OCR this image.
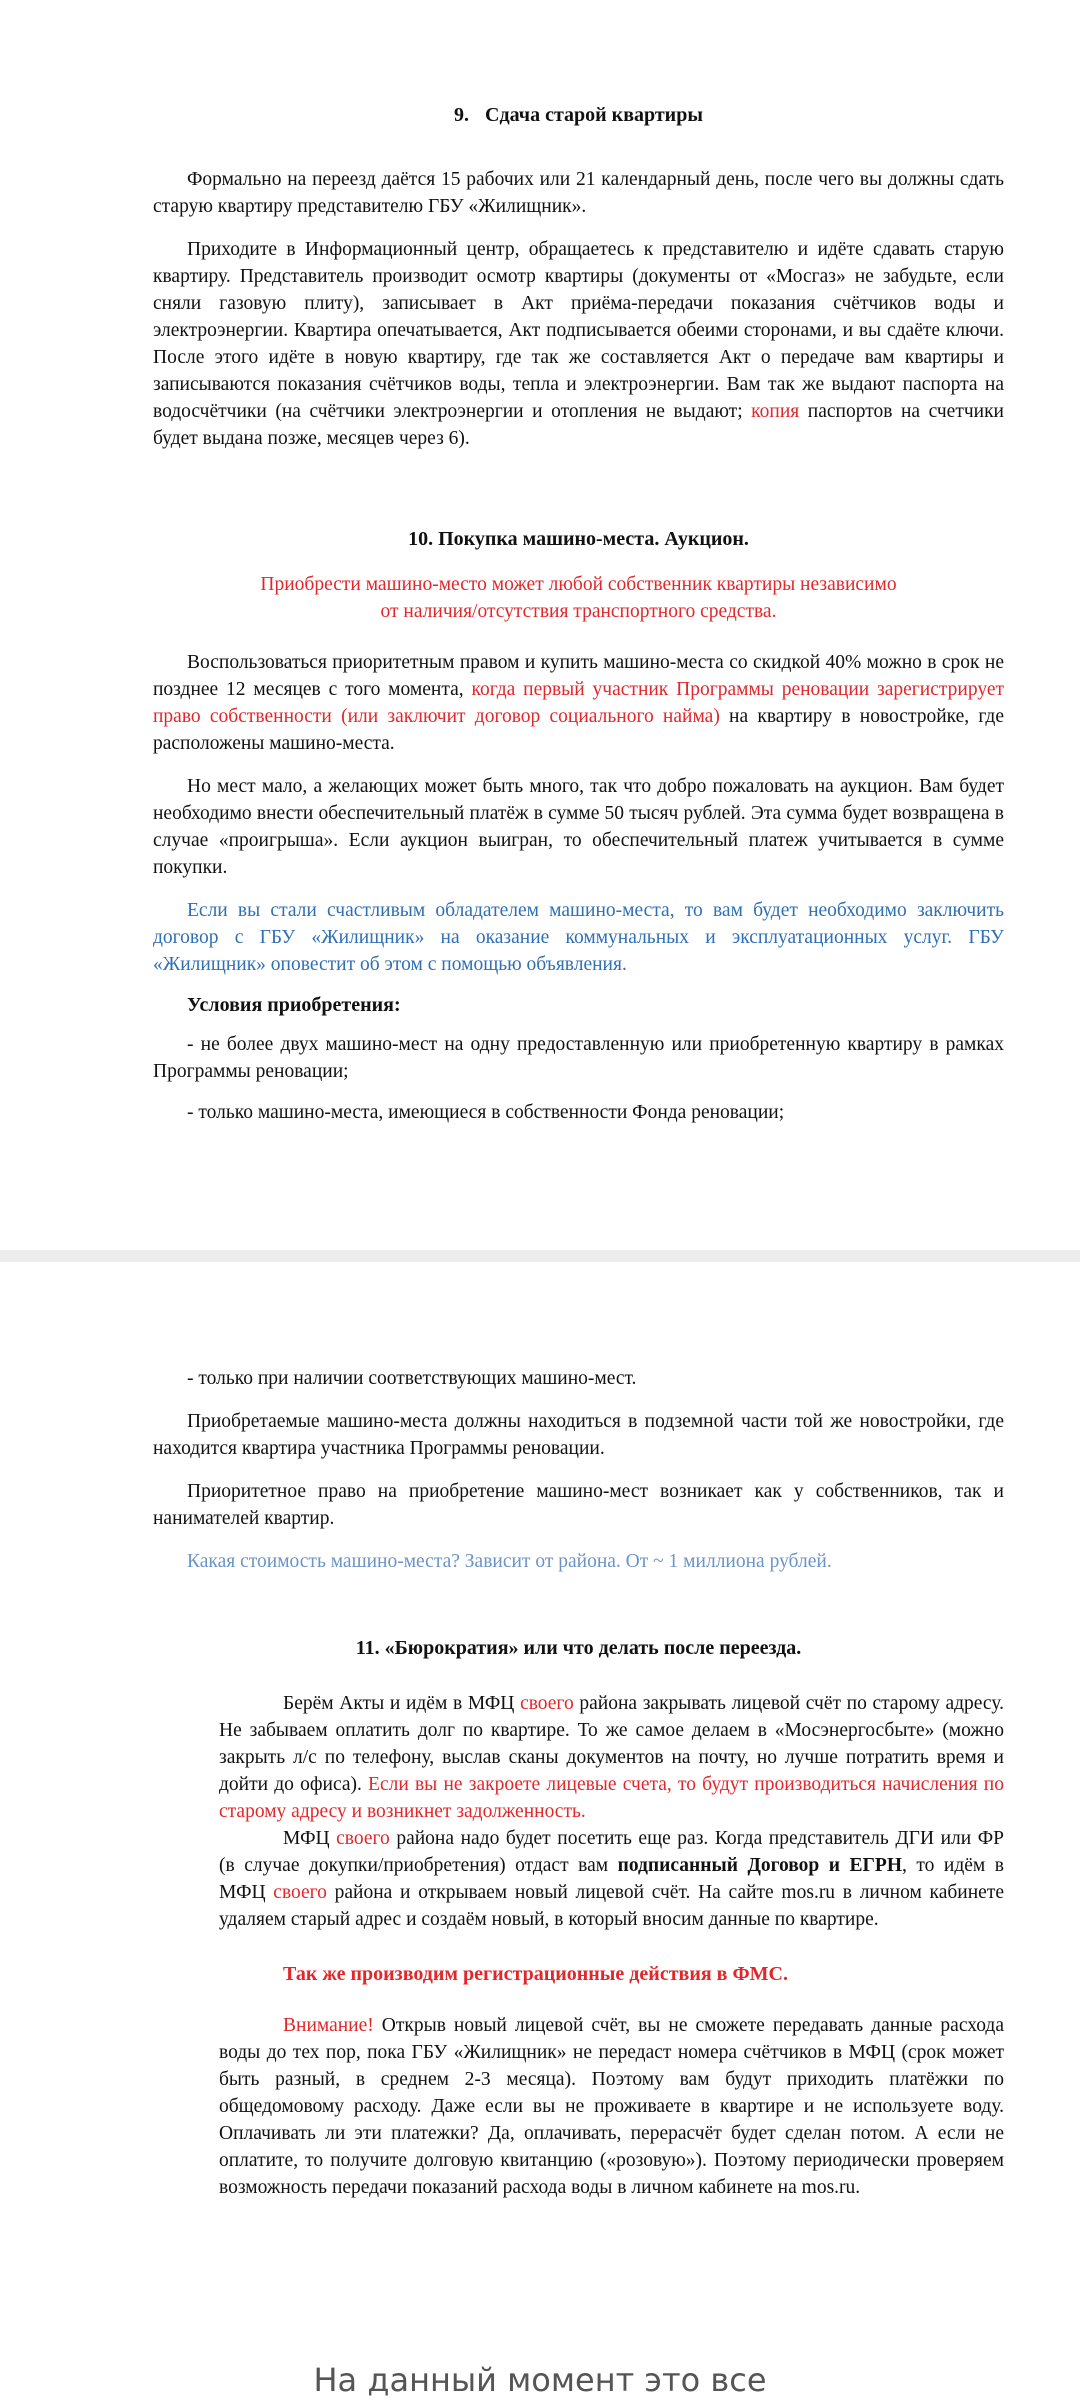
9. Сдача старой квартиры

Формально на переезд даётся 15 рабочих или 21 календарный день, после чего вы должны сдать старую квартиру представителю ГБУ «Жилищник».

Приходите в Информационный центр, обращаетесь к представителю и идёте сдавать старую квартиру. Представитель производит осмотр квартиры (документы от «Мосгаз» не забудьте, если сняли газовую плиту), записывает в Акт приёма-передачи показания счётчиков воды и электроэнергии. Квартира опечатывается, Акт подписывается обеими сторонами, и вы сдаёте ключи. После этого идёте в новую квартиру, где так же составляется Акт о передаче вам квартиры и записываются показания счётчиков воды, тепла и электроэнергии. Вам так же выдают паспорта на водосчётчики (на счётчики электроэнергии и отопления не выдают; копия паспортов на счетчики будет выдана позже, месяцев через 6).

10. Покупка машино-места. Аукцион.
Приобрести машино-место может любой собственник квартиры независимо
от наличия/отсутствия транспортного средства.

Воспользоваться приоритетным правом и купить машино-места со скидкой 40% можно в срок не позднее 12 месяцев с того момента, когда первый участник Программы реновации зарегистрирует право собственности (или заключит договор социального найма) на квартиру в новостройке, где расположены машино-места.

Но мест мало, а желающих может быть много, так что добро пожаловать на аукцион. Вам будет необходимо внести обеспечительный платёж в сумме 50 тысяч рублей. Эта сумма будет возвращена в случае «проигрыша». Если аукцион выигран, то обеспечительный платеж учитывается в сумме покупки.

Если вы стали счастливым обладателем машино-места, то вам будет необходимо заключить договор с ГБУ «Жилищник» на оказание коммунальных и эксплуатационных услуг. ГБУ «Жилищник» оповестит об этом с помощью объявления.

Условия приобретения:

- не более двух машино-мест на одну предоставленную или приобретенную квартиру в рамках Программы реновации;

- только машино-места, имеющиеся в собственности Фонда реновации;

- только при наличии соответствующих машино-мест.

Приобретаемые машино-места должны находиться в подземной части той же новостройки, где находится квартира участника Программы реновации.

Приоритетное право на приобретение машино-мест возникает как у собственников, так и нанимателей квартир.

Какая стоимость машино-места? Зависит от района. От ~ 1 миллиона рублей.

11. «Бюрократия» или что делать после переезда.

Берём Акты и идём в МФЦ своего района закрывать лицевой счёт по старому адресу. Не забываем оплатить долг по квартире. То же самое делаем в «Мосэнергосбыте» (можно закрыть л/с по телефону, выслав сканы документов на почту, но лучше потратить время и дойти до офиса). Если вы не закроете лицевые счета, то будут производиться начисления по старому адресу и возникнет задолженность.

МФЦ своего района надо будет посетить еще раз. Когда представитель ДГИ или ФР (в случае докупки/приобретения) отдаст вам подписанный Договор и ЕГРН, то идём в МФЦ своего района и открываем новый лицевой счёт. На сайте mos.ru в личном кабинете удаляем старый адрес и создаём новый, в который вносим данные по квартире.

Так же производим регистрационные действия в ФМС.

Внимание! Открыв новый лицевой счёт, вы не сможете передавать данные расхода воды до тех пор, пока ГБУ «Жилищник» не передаст номера счётчиков в МФЦ (срок может быть разный, в среднем 2-3 месяца). Поэтому вам будут приходить платёжки по общедомовому расходу. Даже если вы не проживаете в квартире и не используете воду. Оплачивать ли эти платежки? Да, оплачивать, перерасчёт будет сделан потом. А если не оплатите, то получите долговую квитанцию («розовую»). Поэтому периодически проверяем возможность передачи показаний расхода воды в личном кабинете на mos.ru.

На данный момент это все
